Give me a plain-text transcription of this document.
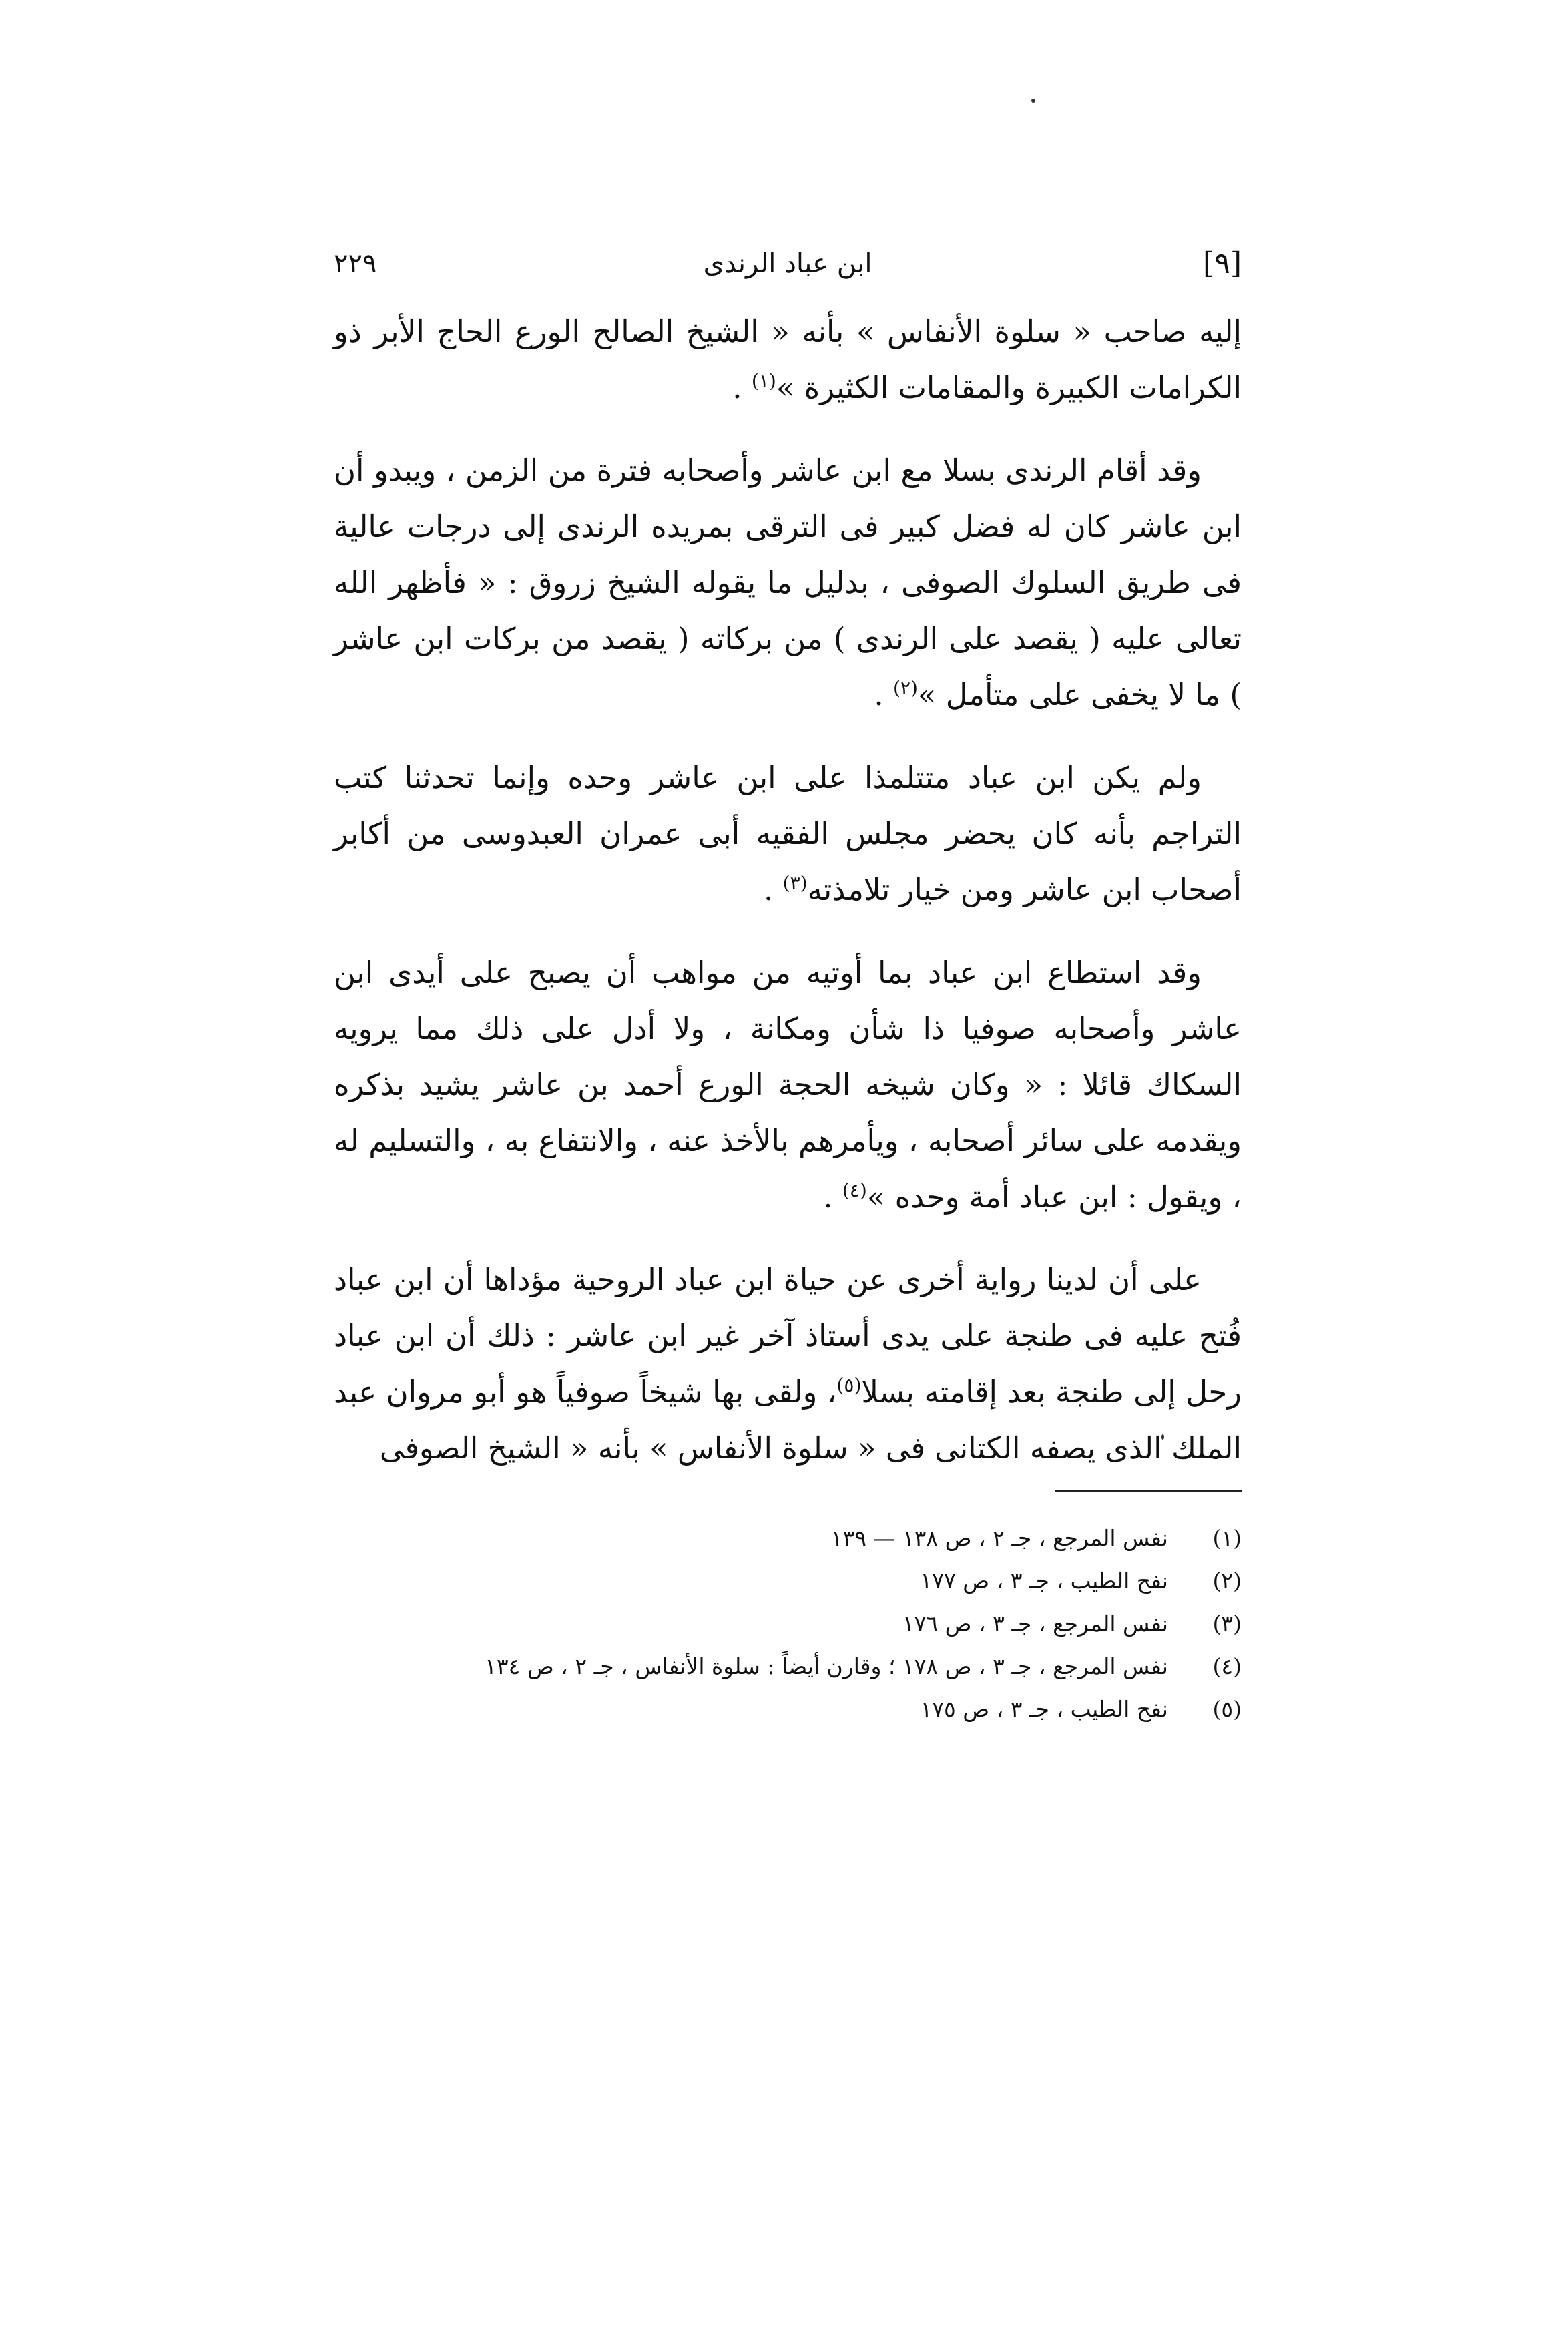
[٩]
ابن عباد الرندى
٢٢٩

إليه صاحب « سلوة الأنفاس » بأنه « الشيخ الصالح الورع الحاج الأبر ذو الكرامات الكبيرة والمقامات الكثيرة »$^{(١)}$ .

وقد أقام الرندى بسلا مع ابن عاشر وأصحابه فترة من الزمن ، ويبدو أن ابن عاشر كان له فضل كبير فى الترقى بمريده الرندى إلى درجات عالية فى طريق السلوك الصوفى ، بدليل ما يقوله الشيخ زروق : « فأظهر الله تعالى عليه ( يقصد على الرندى ) من بركاته ( يقصد من بركات ابن عاشر ) ما لا يخفى على متأمل »$^{(٢)}$ .

ولم يكن ابن عباد متتلمذا على ابن عاشر وحده وإنما تحدثنا كتب التراجم بأنه كان يحضر مجلس الفقيه أبى عمران العبدوسى من أكابر أصحاب ابن عاشر ومن خيار تلامذته$^{(٣)}$ .

وقد استطاع ابن عباد بما أوتيه من مواهب أن يصبح على أيدى ابن عاشر وأصحابه صوفيا ذا شأن ومكانة ، ولا أدل على ذلك مما يرويه السكاك قائلا : « وكان شيخه الحجة الورع أحمد بن عاشر يشيد بذكره ويقدمه على سائر أصحابه ، ويأمرهم بالأخذ عنه ، والانتفاع به ، والتسليم له ، ويقول : ابن عباد أمة وحده »$^{(٤)}$ .

على أن لدينا رواية أخرى عن حياة ابن عباد الروحية مؤداها أن ابن عباد فُتح عليه فى طنجة على يدى أستاذ آخر غير ابن عاشر : ذلك أن ابن عباد رحل إلى طنجة بعد إقامته بسلا$^{(٥)}$، ولقى بها شيخاً صوفياً هو أبو مروان عبد الملك الذى يصفه الكتانى فى « سلوة الأنفاس » بأنه « الشيخ الصوفى

(١)
نفس المرجع ، جـ ٢ ، ص ١٣٨ — ١٣٩
(٢)
نفح الطيب ، جـ ٣ ، ص ١٧٧
(٣)
نفس المرجع ، جـ ٣ ، ص ١٧٦
(٤)
نفس المرجع ، جـ ٣ ، ص ١٧٨ ؛ وقارن أيضاً : سلوة الأنفاس ، جـ ٢ ، ص ١٣٤
(٥)
نفح الطيب ، جـ ٣ ، ص ١٧٥
